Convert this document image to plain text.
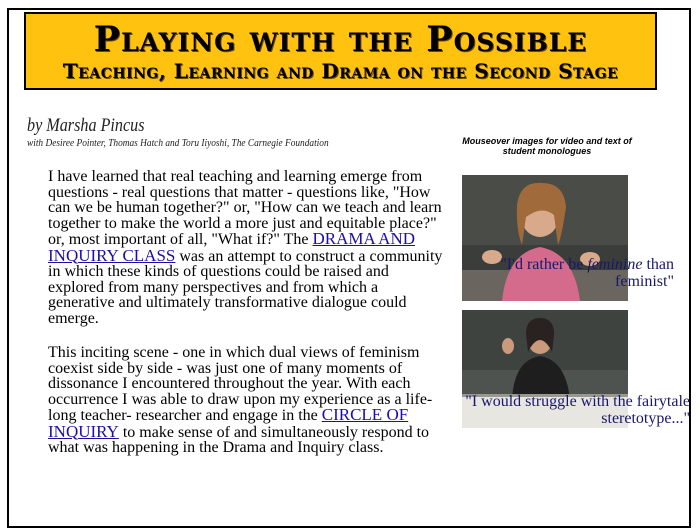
Playing with the Possible
Teaching, Learning and Drama on the Second Stage
by Marsha Pincus
with Desiree Pointer, Thomas Hatch and Toru Iiyoshi, The Carnegie Foundation	Mouseover images for video and text of student monologues
I have learned that real teaching and learning emerge from questions - real questions that matter - questions like, "How can we be human together?" or, "How can we teach and learn together to make the world a more just and equitable place?" or, most important of all, "What if?" The DRAMA AND INQUIRY CLASS was an attempt to construct a community in which these kinds of questions could be raised and explored from many perspectives and from which a generative and ultimately transformative dialogue could emerge.
This inciting scene - one in which dual views of feminism coexist side by side - was just one of many moments of dissonance I encountered throughout the year. With each occurrence I was able to draw upon my experience as a life-long teacher- researcher and engage in the CIRCLE OF INQUIRY to make sense of and simultaneously respond to what was happening in the Drama and Inquiry class.
"I'd rather be feminine than feminist"
"I would struggle with the fairytale steretotype..."
